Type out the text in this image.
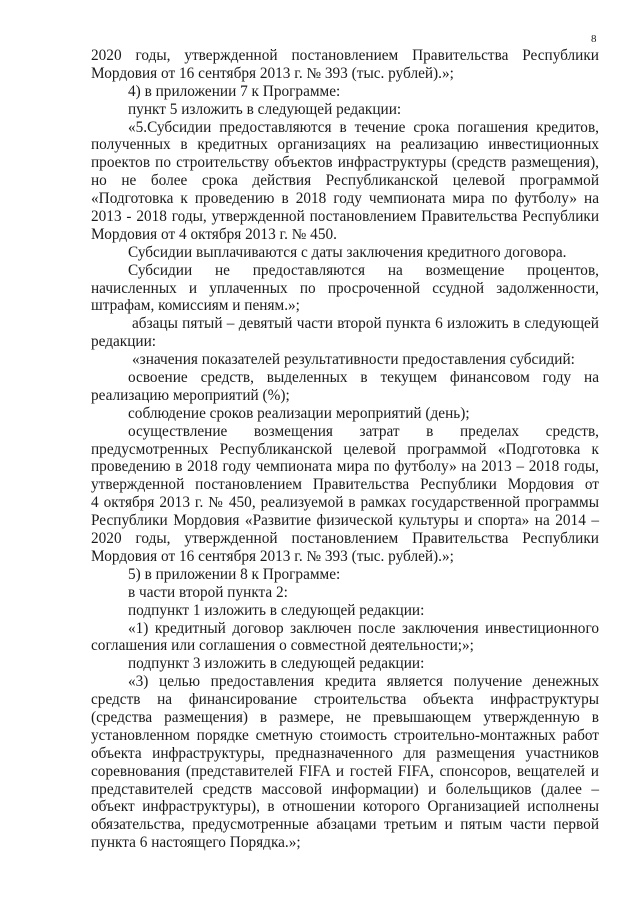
8
2020 годы, утвержденной постановлением Правительства Республики
Мордовия от 16 сентября 2013 г. № 393 (тыс. рублей).»;
4) в приложении 7 к Программе:
пункт 5 изложить в следующей редакции:
«5.Субсидии предоставляются в течение срока погашения кредитов,
полученных в кредитных организациях на реализацию инвестиционных
проектов по строительству объектов инфраструктуры (средств размещения),
но не более срока действия Республиканской целевой программой
«Подготовка к проведению в 2018 году чемпионата мира по футболу» на
2013 - 2018 годы, утвержденной постановлением Правительства Республики
Мордовия от 4 октября 2013 г. № 450.
Субсидии выплачиваются с даты заключения кредитного договора.
Субсидии не предоставляются на возмещение процентов,
начисленных и уплаченных по просроченной ссудной задолженности,
штрафам, комиссиям и пеням.»;
абзацы пятый – девятый части второй пункта 6 изложить в следующей
редакции:
«значения показателей результативности предоставления субсидий:
освоение средств, выделенных в текущем финансовом году на
реализацию мероприятий (%);
соблюдение сроков реализации мероприятий (день);
осуществление возмещения затрат в пределах средств,
предусмотренных Республиканской целевой программой «Подготовка к
проведению в 2018 году чемпионата мира по футболу» на 2013 – 2018 годы,
утвержденной постановлением Правительства Республики Мордовия от
4 октября 2013 г. № 450, реализуемой в рамках государственной программы
Республики Мордовия «Развитие физической культуры и спорта» на 2014 –
2020 годы, утвержденной постановлением Правительства Республики
Мордовия от 16 сентября 2013 г. № 393 (тыс. рублей).»;
5) в приложении 8 к Программе:
в части второй пункта 2:
подпункт 1 изложить в следующей редакции:
«1) кредитный договор заключен после заключения инвестиционного
соглашения или соглашения о совместной деятельности;»;
подпункт 3 изложить в следующей редакции:
«3) целью предоставления кредита является получение денежных
средств на финансирование строительства объекта инфраструктуры
(средства размещения) в размере, не превышающем утвержденную в
установленном порядке сметную стоимость строительно-монтажных работ
объекта инфраструктуры, предназначенного для размещения участников
соревнования (представителей FIFA и гостей FIFA, спонсоров, вещателей и
представителей средств массовой информации) и болельщиков (далее –
объект инфраструктуры), в отношении которого Организацией исполнены
обязательства, предусмотренные абзацами третьим и пятым части первой
пункта 6 настоящего Порядка.»;
